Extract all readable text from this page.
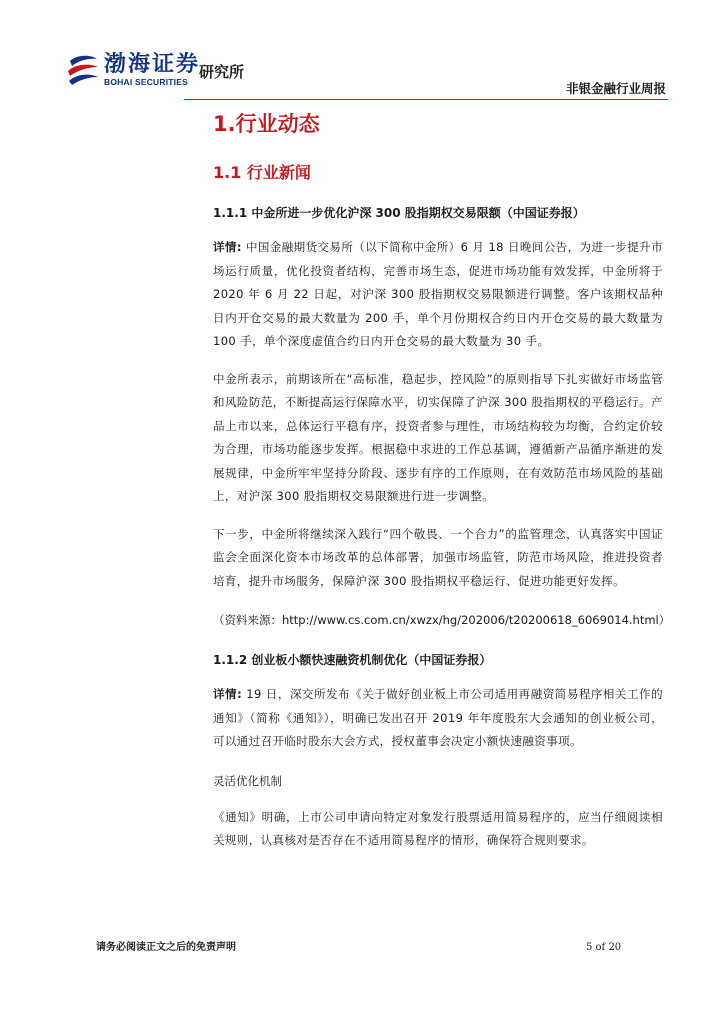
渤海证券
BOHAI SECURITIES
研究所
非银金融行业周报
1.行业动态
1.1 行业新闻
1.1.1 中金所进一步优化沪深 300 股指期权交易限额（中国证券报）

详情: 中国金融期货交易所（以下简称中金所）6 月 18 日晚间公告，为进一步提升市场运行质量，优化投资者结构，完善市场生态，促进市场功能有效发挥，中金所将于 2020 年 6 月 22 日起，对沪深 300 股指期权交易限额进行调整。客户该期权品种日内开仓交易的最大数量为 200 手，单个月份期权合约日内开仓交易的最大数量为 100 手，单个深度虚值合约日内开仓交易的最大数量为 30 手。

中金所表示，前期该所在“高标准，稳起步，控风险”的原则指导下扎实做好市场监管和风险防范，不断提高运行保障水平，切实保障了沪深 300 股指期权的平稳运行。产品上市以来，总体运行平稳有序，投资者参与理性，市场结构较为均衡，合约定价较为合理，市场功能逐步发挥。根据稳中求进的工作总基调，遵循新产品循序渐进的发展规律，中金所牢牢坚持分阶段、逐步有序的工作原则，在有效防范市场风险的基础上，对沪深 300 股指期权交易限额进行进一步调整。

下一步，中金所将继续深入践行“四个敬畏、一个合力”的监管理念，认真落实中国证监会全面深化资本市场改革的总体部署，加强市场监管，防范市场风险，推进投资者培育，提升市场服务，保障沪深 300 股指期权平稳运行、促进功能更好发挥。

（资料来源：http://www.cs.com.cn/xwzx/hg/202006/t20200618_6069014.html）
1.1.2 创业板小额快速融资机制优化（中国证券报）

详情: 19 日，深交所发布《关于做好创业板上市公司适用再融资简易程序相关工作的通知》（简称《通知》），明确已发出召开 2019 年年度股东大会通知的创业板公司，可以通过召开临时股东大会方式，授权董事会决定小额快速融资事项。

灵活优化机制

《通知》明确，上市公司申请向特定对象发行股票适用简易程序的，应当仔细阅读相关规则，认真核对是否存在不适用简易程序的情形，确保符合规则要求。

请务必阅读正文之后的免责声明	5 of 20
